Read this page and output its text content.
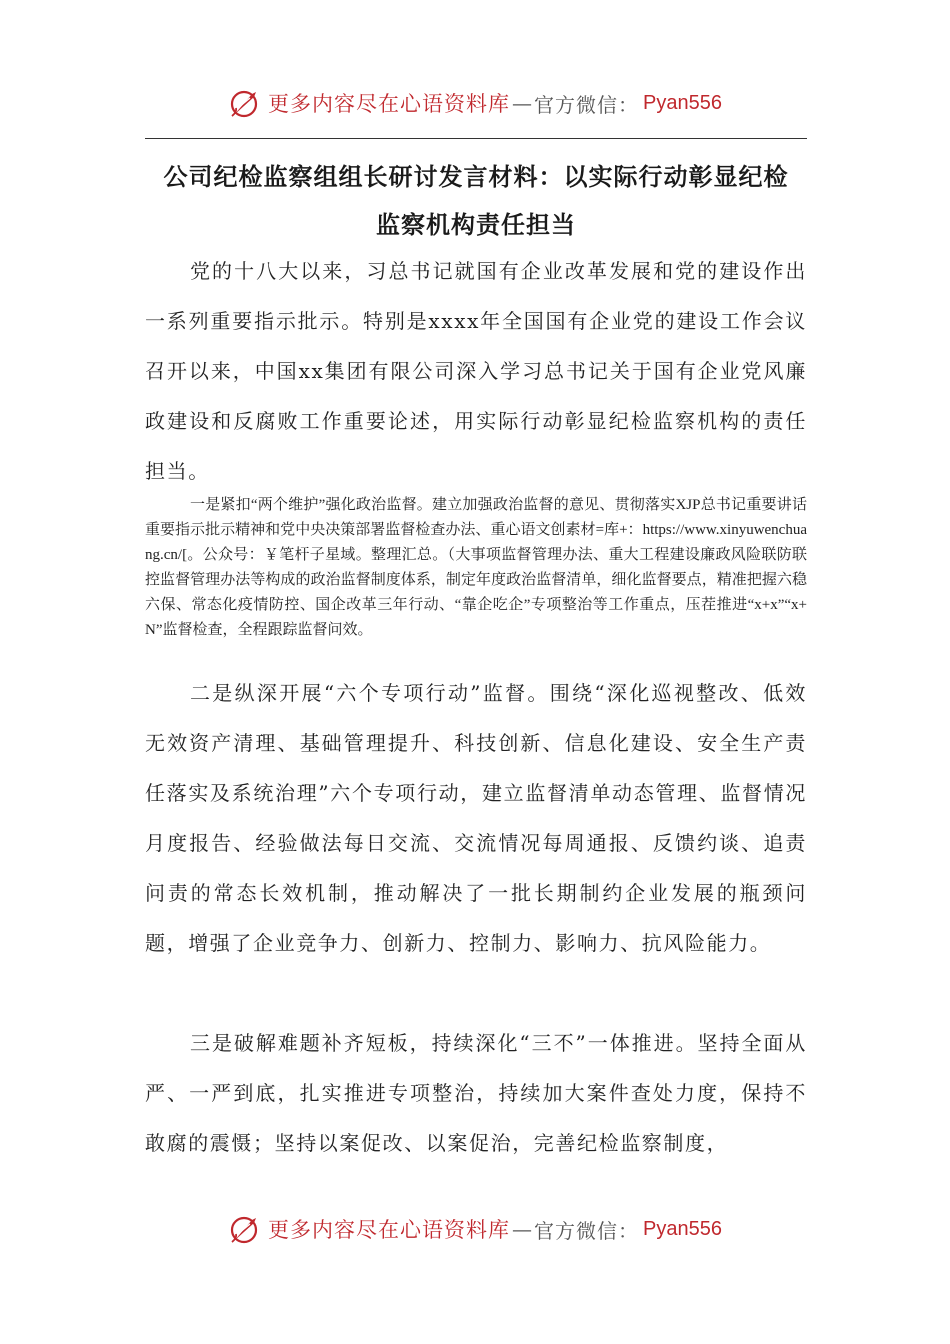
更多内容尽在心语资料库 — 官方微信： Pyan556
公司纪检监察组组长研讨发言材料：以实际行动彰显纪检
监察机构责任担当

党的十八大以来，习总书记就国有企业改革发展和党的建设作出一系列重要指示批示。特别是xxxx年全国国有企业党的建设工作会议召开以来，中国xx集团有限公司深入学习总书记关于国有企业党风廉政建设和反腐败工作重要论述，用实际行动彰显纪检监察机构的责任担当。

一是紧扣“两个维护”强化政治监督。建立加强政治监督的意见、贯彻落实XJP总书记重要讲话重要指示批示精神和党中央决策部署监督检查办法、重心语文创素材=库+：https://www.xinyuwenchuang.cn/[。公众号：￥笔杆子星域。整理汇总。（大事项监督管理办法、重大工程建设廉政风险联防联控监督管理办法等构成的政治监督制度体系，制定年度政治监督清单，细化监督要点，精准把握六稳六保、常态化疫情防控、国企改革三年行动、“靠企吃企”专项整治等工作重点，压茬推进“x+x”“x+N”监督检查，全程跟踪监督问效。

二是纵深开展“六个专项行动”监督。围绕“深化巡视整改、低效无效资产清理、基础管理提升、科技创新、信息化建设、安全生产责任落实及系统治理”六个专项行动，建立监督清单动态管理、监督情况月度报告、经验做法每日交流、交流情况每周通报、反馈约谈、追责问责的常态长效机制，推动解决了一批长期制约企业发展的瓶颈问题，增强了企业竞争力、创新力、控制力、影响力、抗风险能力。

三是破解难题补齐短板，持续深化“三不”一体推进。坚持全面从严、一严到底，扎实推进专项整治，持续加大案件查处力度，保持不敢腐的震慑；坚持以案促改、以案促治，完善纪检监察制度，

更多内容尽在心语资料库 — 官方微信： Pyan556
